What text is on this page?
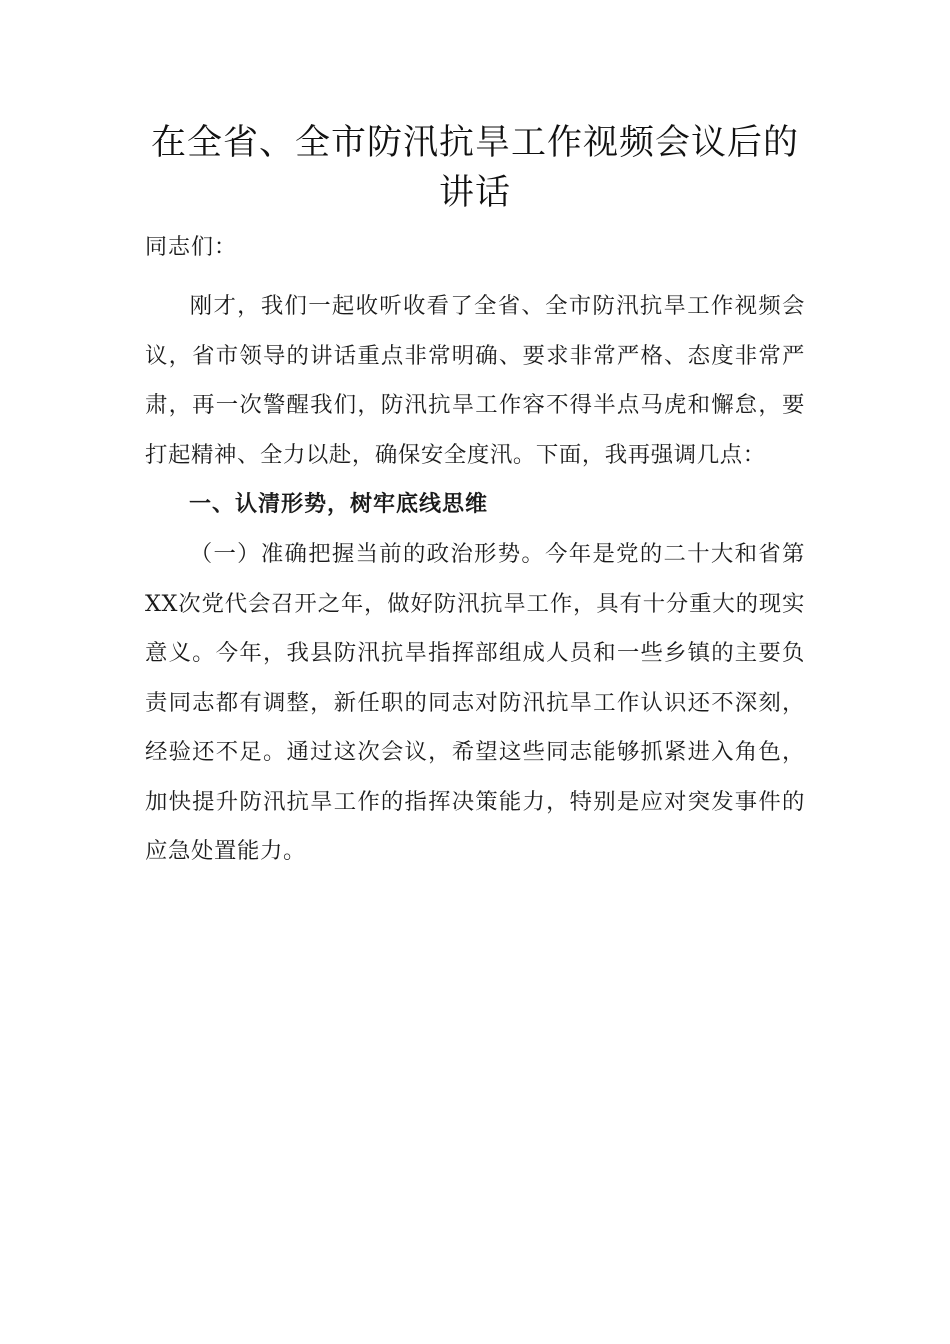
在全省、全市防汛抗旱工作视频会议后的
讲话

同志们：

刚才，我们一起收听收看了全省、全市防汛抗旱工作视频会议，省市领导的讲话重点非常明确、要求非常严格、态度非常严肃，再一次警醒我们，防汛抗旱工作容不得半点马虎和懈怠，要打起精神、全力以赴，确保安全度汛。下面，我再强调几点：

一、认清形势，树牢底线思维

（一）准确把握当前的政治形势。今年是党的二十大和省第XX次党代会召开之年，做好防汛抗旱工作，具有十分重大的现实意义。今年，我县防汛抗旱指挥部组成人员和一些乡镇的主要负责同志都有调整，新任职的同志对防汛抗旱工作认识还不深刻，经验还不足。通过这次会议，希望这些同志能够抓紧进入角色，加快提升防汛抗旱工作的指挥决策能力，特别是应对突发事件的应急处置能力。
